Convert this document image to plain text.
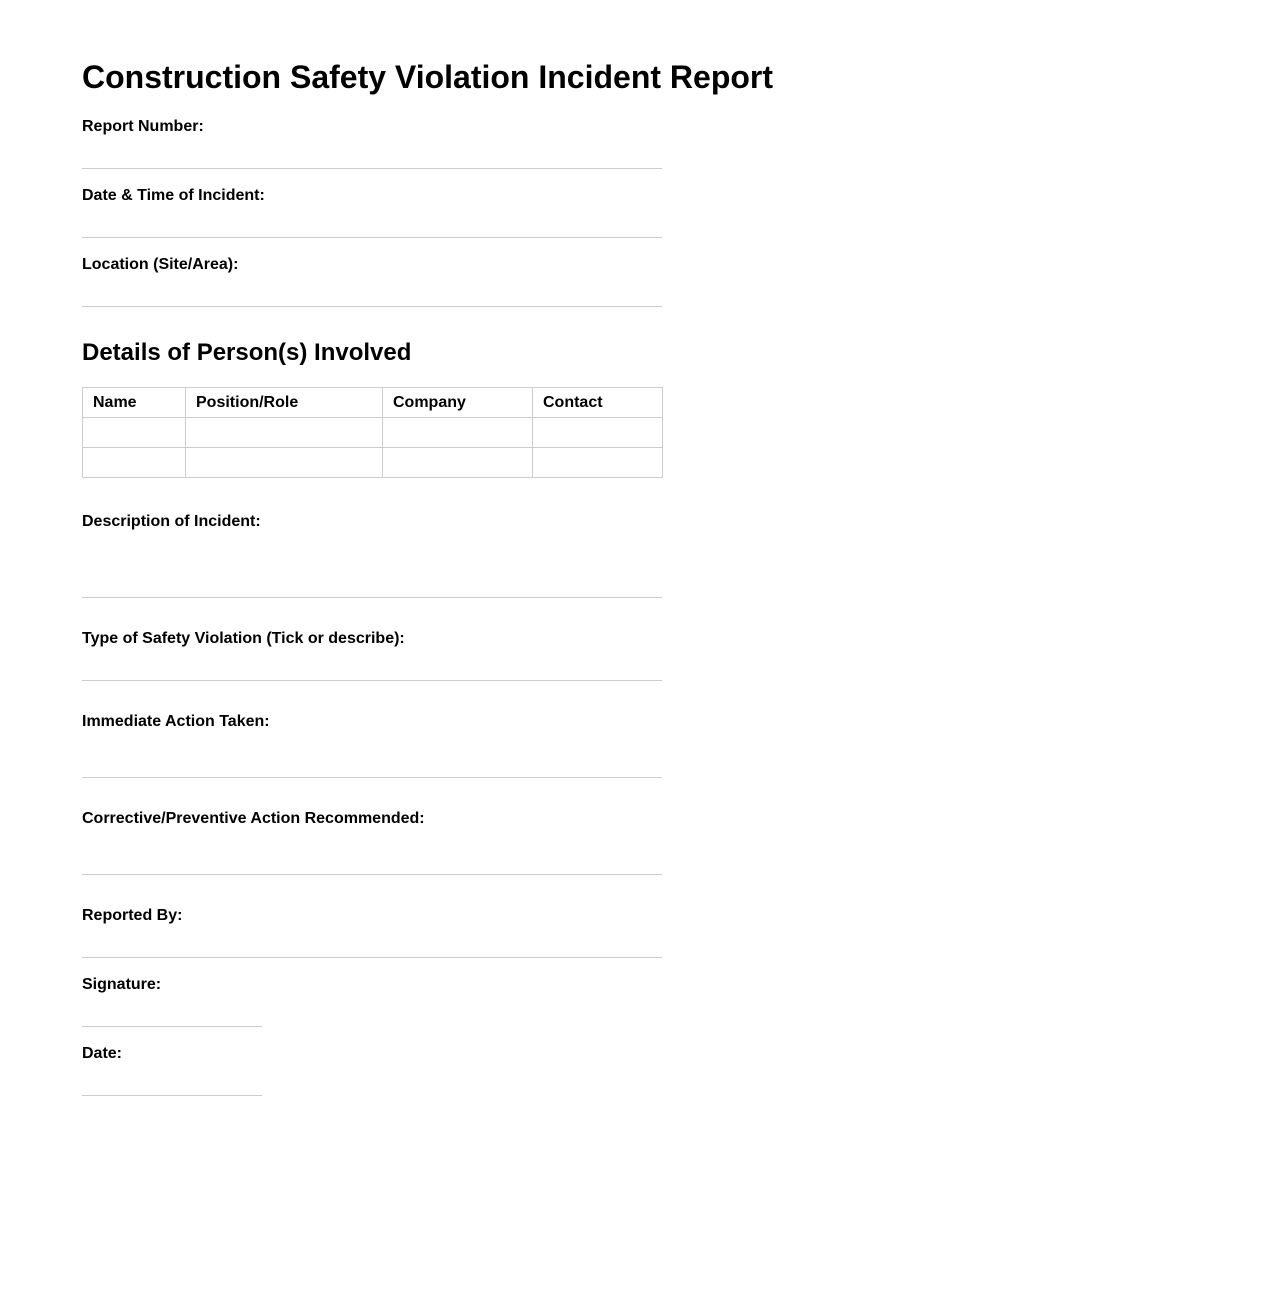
Construction Safety Violation Incident Report
Report Number:
Date & Time of Incident:
Location (Site/Area):
Details of Person(s) Involved
Name	Position/Role	Company	Contact

Description of Incident:
Type of Safety Violation (Tick or describe):
Immediate Action Taken:
Corrective/Preventive Action Recommended:
Reported By:
Signature:
Date:
